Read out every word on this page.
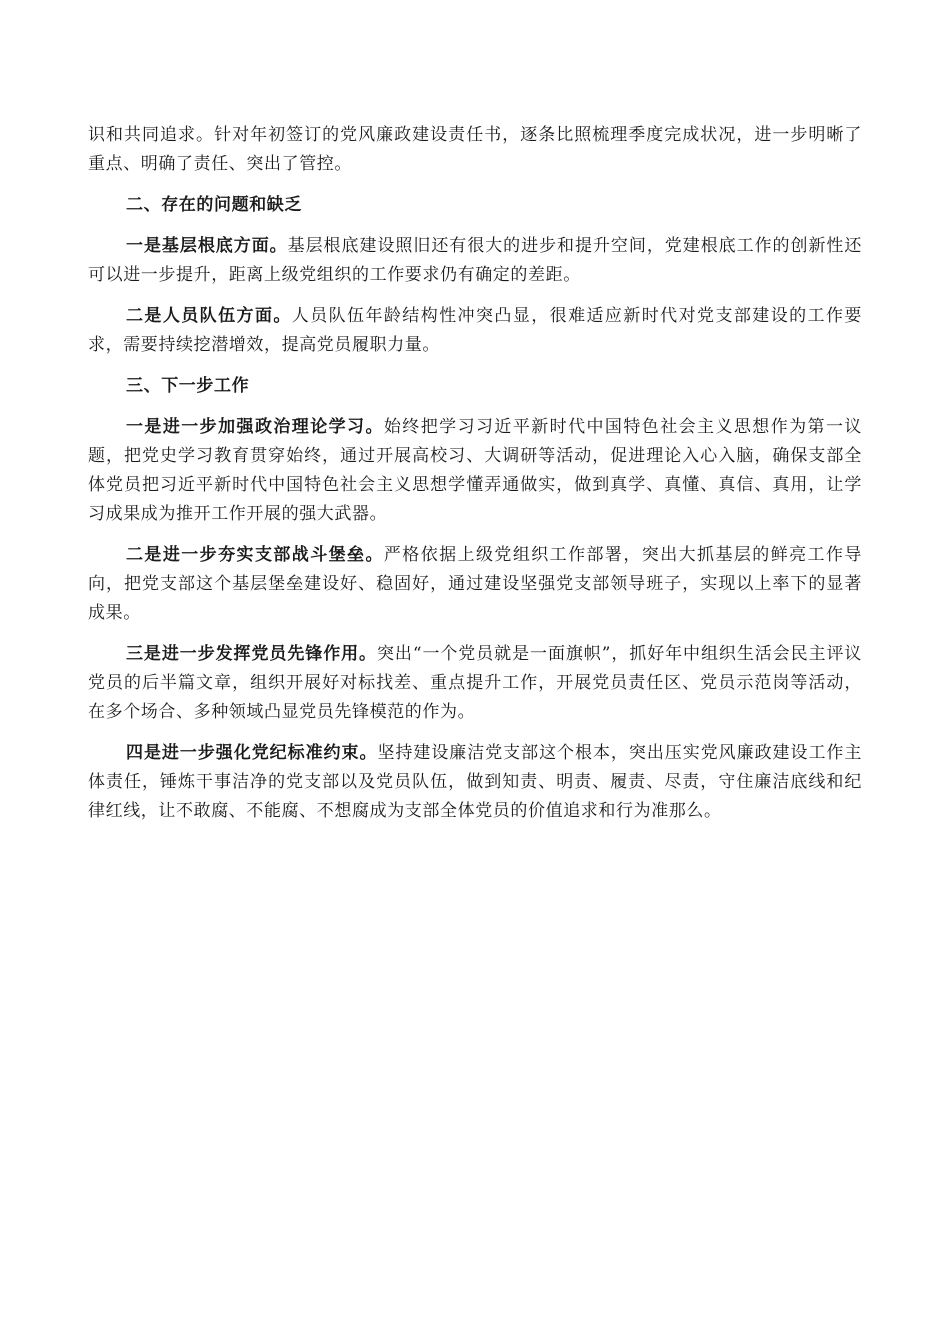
识和共同追求。针对年初签订的党风廉政建设责任书，逐条比照梳理季度完成状况，进一步明晰了重点、明确了责任、突出了管控。

二、存在的问题和缺乏

一是基层根底方面。基层根底建设照旧还有很大的进步和提升空间，党建根底工作的创新性还可以进一步提升，距离上级党组织的工作要求仍有确定的差距。

二是人员队伍方面。人员队伍年龄结构性冲突凸显，很难适应新时代对党支部建设的工作要求，需要持续挖潜增效，提高党员履职力量。

三、下一步工作

一是进一步加强政治理论学习。始终把学习习近平新时代中国特色社会主义思想作为第一议题，把党史学习教育贯穿始终，通过开展高校习、大调研等活动，促进理论入心入脑，确保支部全体党员把习近平新时代中国特色社会主义思想学懂弄通做实，做到真学、真懂、真信、真用，让学习成果成为推开工作开展的强大武器。

二是进一步夯实支部战斗堡垒。严格依据上级党组织工作部署，突出大抓基层的鲜亮工作导向，把党支部这个基层堡垒建设好、稳固好，通过建设坚强党支部领导班子，实现以上率下的显著成果。

三是进一步发挥党员先锋作用。突出“一个党员就是一面旗帜”，抓好年中组织生活会民主评议党员的后半篇文章，组织开展好对标找差、重点提升工作，开展党员责任区、党员示范岗等活动，在多个场合、多种领域凸显党员先锋模范的作为。

四是进一步强化党纪标准约束。坚持建设廉洁党支部这个根本，突出压实党风廉政建设工作主体责任，锤炼干事洁净的党支部以及党员队伍，做到知责、明责、履责、尽责，守住廉洁底线和纪律红线，让不敢腐、不能腐、不想腐成为支部全体党员的价值追求和行为准那么。
